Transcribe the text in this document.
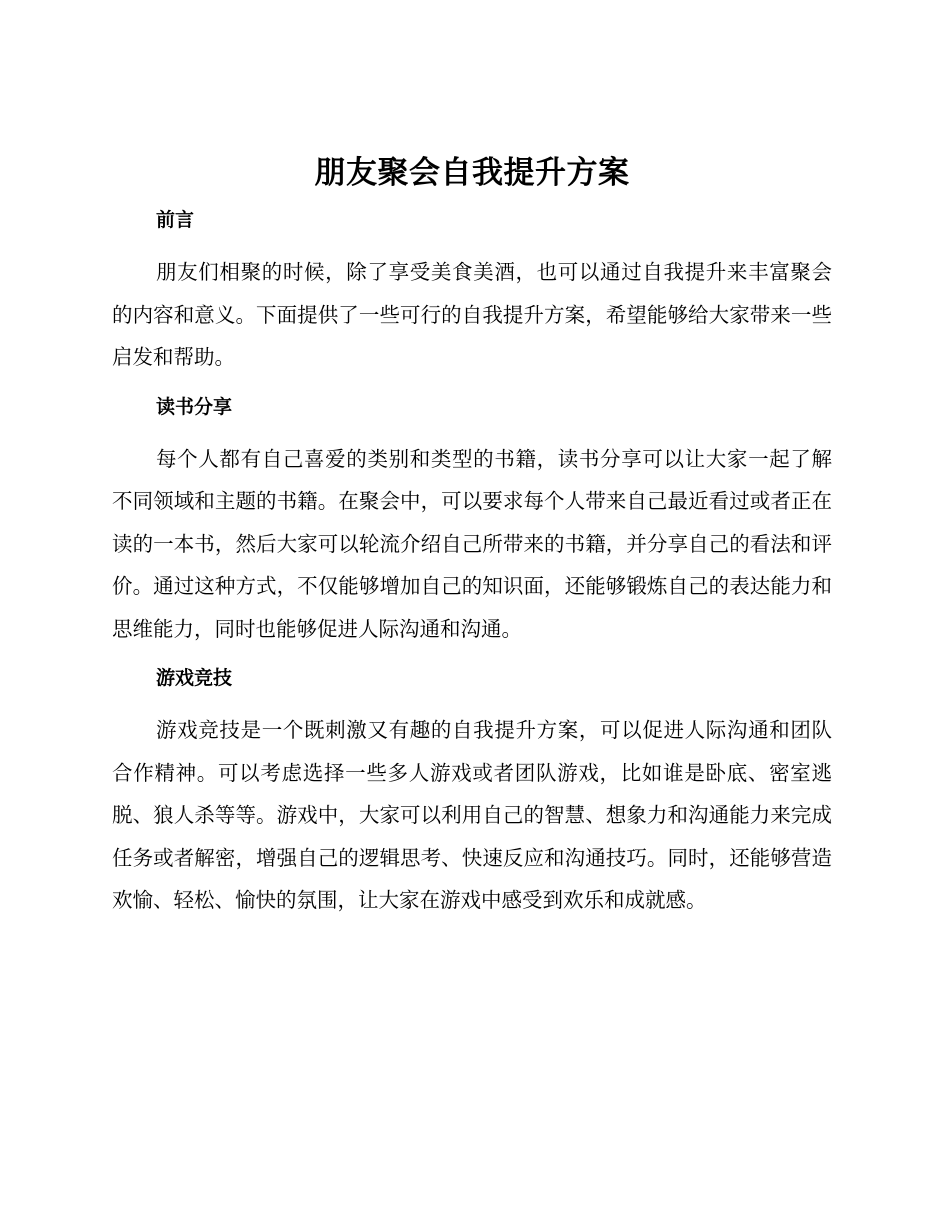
朋友聚会自我提升方案
前言

朋友们相聚的时候，除了享受美食美酒，也可以通过自我提升来丰富聚会的内容和意义。下面提供了一些可行的自我提升方案，希望能够给大家带来一些启发和帮助。

读书分享

每个人都有自己喜爱的类别和类型的书籍，读书分享可以让大家一起了解不同领域和主题的书籍。在聚会中，可以要求每个人带来自己最近看过或者正在读的一本书，然后大家可以轮流介绍自己所带来的书籍，并分享自己的看法和评价。通过这种方式，不仅能够增加自己的知识面，还能够锻炼自己的表达能力和思维能力，同时也能够促进人际沟通和沟通。

游戏竞技

游戏竞技是一个既刺激又有趣的自我提升方案，可以促进人际沟通和团队合作精神。可以考虑选择一些多人游戏或者团队游戏，比如谁是卧底、密室逃脱、狼人杀等等。游戏中，大家可以利用自己的智慧、想象力和沟通能力来完成任务或者解密，增强自己的逻辑思考、快速反应和沟通技巧。同时，还能够营造欢愉、轻松、愉快的氛围，让大家在游戏中感受到欢乐和成就感。
